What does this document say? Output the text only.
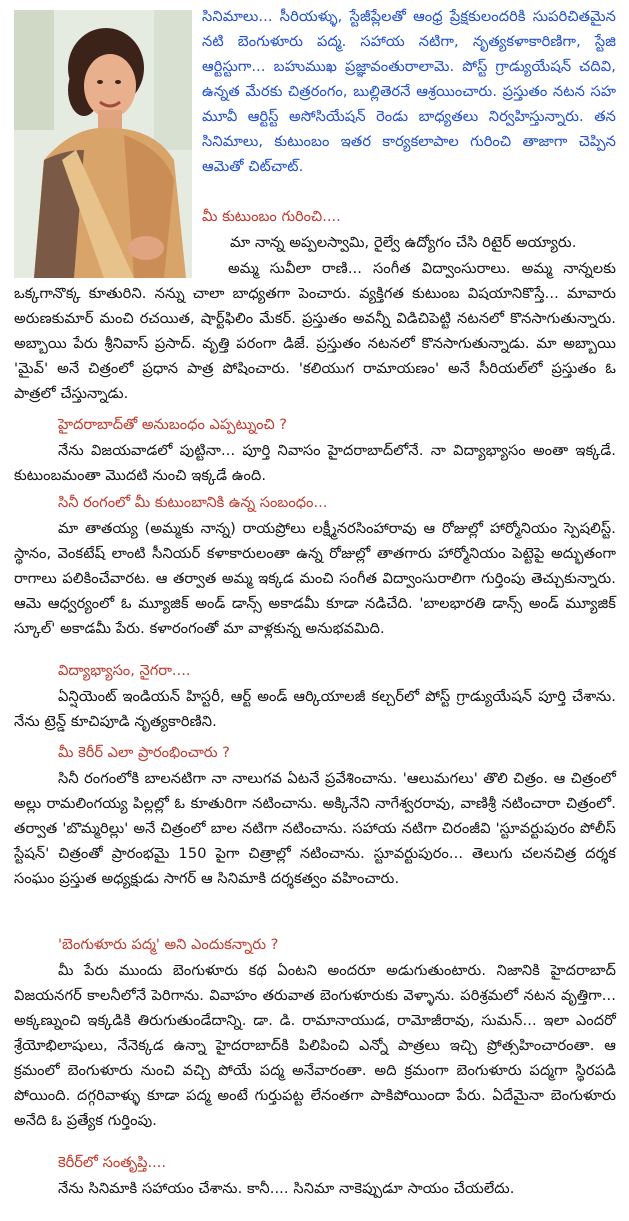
సినిమాలు... సీరియళ్ళు, స్టేజీప్లేలతో ఆంధ్ర ప్రేక్షకులందరికి సుపరిచితమైన నటి బెంగుళూరు పద్మ. సహాయ నటిగా, నృత్యకళాకారిణిగా, స్టేజి ఆర్టిస్టుగా... బహుముఖ ప్రజ్ఞావంతురాలామె. పోస్ట్ గ్రాడ్యుయేషన్ చదివి, ఉన్నత మేరకు చిత్రరంగం, బుల్లితెరనే ఆశ్రయించారు. ప్రస్తుతం నటన సహ మూవీ ఆర్టిస్ట్ అసోసియేషన్ రెండు బాధ్యతలు నిర్వహిస్తున్నారు. తన సినిమాలు, కుటుంబం ఇతర కార్యకలాపాల గురించి తాజాగా చెప్పిన ఆమెతో చిట్‌చాట్.

మీ కుటుంబం గురించి....

మా నాన్న అప్పలస్వామి, రైల్వే ఉద్యోగం చేసి రిటైర్ అయ్యారు.

అమ్మ సువీలా రాణి... సంగీత విద్వాంసురాలు. అమ్మ నాన్నలకు ఒక్కగానొక్క కూతురిని. నన్ను చాలా బాధ్యతగా పెంచారు. వ్యక్తిగత కుటుంబ విషయానికొస్తే... మావారు అరుణకుమార్ మంచి రచయిత, షార్ట్‌ఫిలిం మేకర్. ప్రస్తుతం అవన్నీ విడిచిపెట్టి నటనలో కొనసాగుతున్నారు. అబ్బాయి పేరు శ్రీనివాస్ ప్రసాద్. వృత్తి పరంగా డిజే. ప్రస్తుతం నటనలో కొనసాగుతున్నాడు. మా అబ్బాయి 'మైవ్' అనే చిత్రంలో ప్రధాన పాత్ర పోషించారు. 'కలియుగ రామాయణం' అనే సీరియల్‌లో ప్రస్తుతం ఓ పాత్రలో చేస్తున్నాడు.

హైదరాబాద్‌తో అనుబంధం ఎప్పట్నుంచి ?

నేను విజయవాడలో పుట్టినా... పూర్తి నివాసం హైదరాబాద్‌లోనే. నా విద్యాభ్యాసం అంతా ఇక్కడే. కుటుంబమంతా మొదటి నుంచి ఇక్కడే ఉంది.

సినీ రంగంలో మీ కుటుంబానికి ఉన్న సంబంధం...

మా తాతయ్య (అమ్మకు నాన్న) రాయప్రోలు లక్ష్మీనరసింహారావు ఆ రోజుల్లో హార్మోనియం స్పెషలిస్ట్. స్థానం, వెంకటేష్ లాంటి సీనియర్ కళాకారులంతా ఉన్న రోజుల్లో తాతగారు హార్మోనియం పెట్టెపై అద్భుతంగా రాగాలు పలికించేవారట. ఆ తర్వాత అమ్మ ఇక్కడ మంచి సంగీత విద్వాంసురాలిగా గుర్తింపు తెచ్చుకున్నారు. ఆమె ఆధ్వర్యంలో ఓ మ్యూజిక్ అండ్ డాన్స్ అకాడమీ కూడా నడిచేది. 'బాలభారతి డాన్స్ అండ్ మ్యూజిక్ స్కూల్' అకాడమీ పేరు. కళారంగంతో మా వాళ్లకున్న అనుభవమిది.

విద్యాభ్యాసం, నైగరా....

ఏన్షియెంట్ ఇండియన్ హిస్టరీ, ఆర్ట్ అండ్ ఆర్కియాలజీ కల్చర్‌లో పోస్ట్ గ్రాడ్యుయేషన్ పూర్తి చేశాను. నేను ట్రెన్డ్ కూచిపూడి నృత్యకారిణిని.

మీ కెరీర్ ఎలా ప్రారంభించారు ?

సినీ రంగంలోకి బాలనటిగా నా నాలుగవ ఏటనే ప్రవేశించాను. 'ఆలుమగలు' తొలి చిత్రం. ఆ చిత్రంలో అల్లు రామలింగయ్య పిల్లల్లో ఓ కూతురిగా నటించాను. అక్కినేని నాగేశ్వరరావు, వాణిశ్రీ నటించారా చిత్రంలో. తర్వాత 'బొమ్మరిల్లు' అనే చిత్రంలో బాల నటిగా నటించాను. సహాయ నటిగా చిరంజీవి 'స్టూవర్టుపురం పోలీస్ స్టేషన్' చిత్రంతో ప్రారంభమై 150 పైగా చిత్రాల్లో నటించాను. స్టూవర్టుపురం... తెలుగు చలనచిత్ర దర్శక సంఘం ప్రస్తుత అధ్యక్షుడు సాగర్ ఆ సినిమాకి దర్శకత్వం వహించారు.

'బెంగుళూరు పద్మ' అని ఎందుకన్నారు ?

మీ పేరు ముందు బెంగుళూరు కథ ఏంటని అందరూ అడుగుతుంటారు. నిజానికి హైదరాబాద్ విజయనగర్ కాలనీలోనే పెరిగాను. వివాహం తరువాత బెంగుళూరుకు వెళ్ళాను. పరిశ్రమలో నటన వృత్తిగా... అక్కణ్నుంచి ఇక్కడికి తిరుగుతుండేదాన్ని. డా. డి. రామానాయుడ, రామోజీరావు, సుమన్... ఇలా ఎందరో శ్రేయోభిలాషులు, నేనెక్కడ ఉన్నా హైదరాబాద్‌కి పిలిపించి ఎన్నో పాత్రలు ఇచ్చి ప్రోత్సహించారంతా. ఆ క్రమంలో బెంగుళూరు నుంచి వచ్చి పోయే పద్మ అనేవారంతా. అది క్రమంగా బెంగుళూరు పద్మగా స్థిరపడి పోయింది. దగ్గరివాళ్ళు కూడా పద్మ అంటే గుర్తుపట్ట లేనంతగా పాకిపోయిందా పేరు. ఏదేమైనా బెంగుళూరు అనేది ఓ ప్రత్యేక గుర్తింపు.

కెరీర్‌లో సంతృప్తి....

నేను సినిమాకి సహాయం చేశాను. కానీ.... సినిమా నాకెప్పుడూ సాయం చేయలేదు.
